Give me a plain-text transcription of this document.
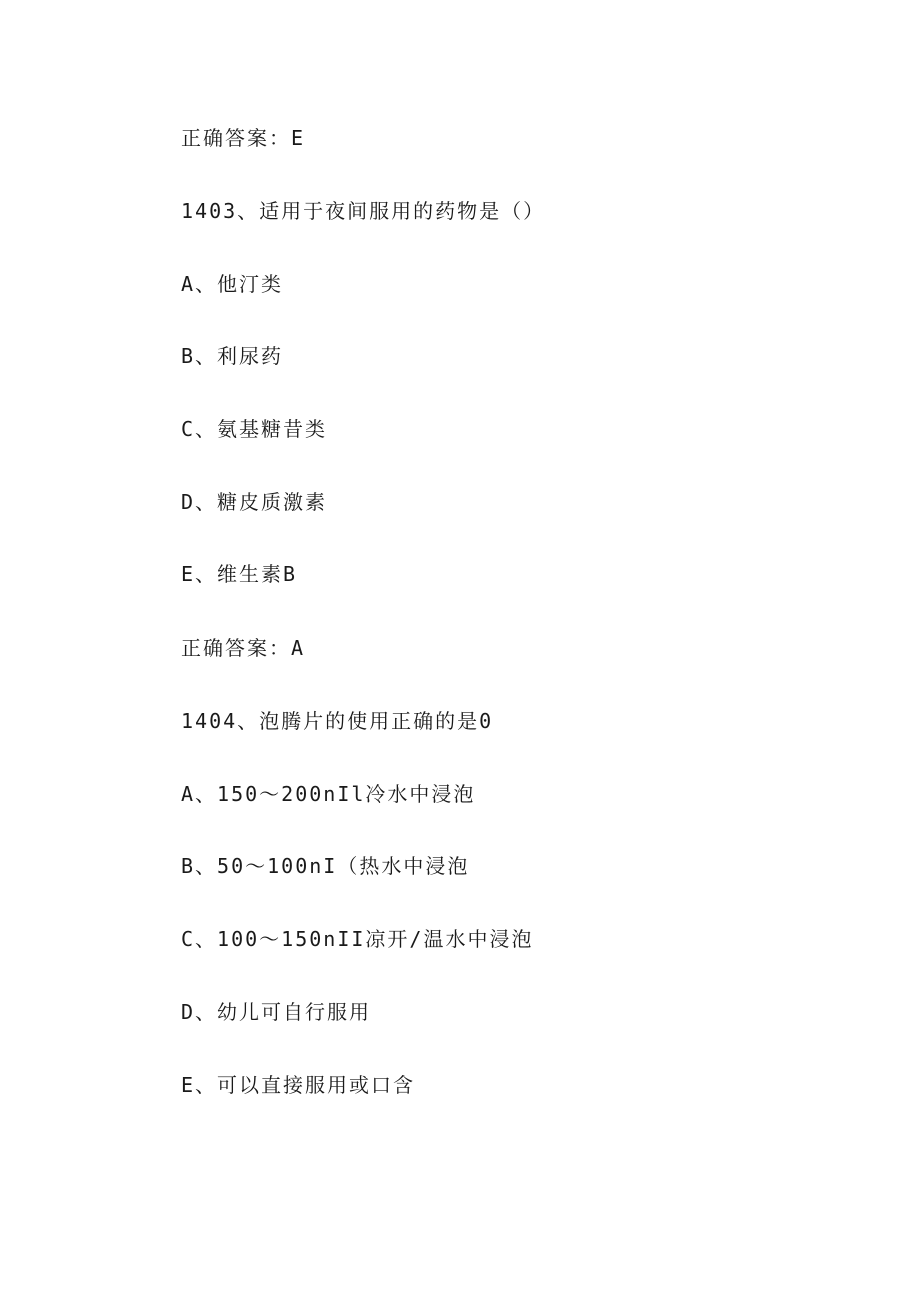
正确答案：E
1403、适用于夜间服用的药物是（）
A、他汀类
B、利尿药
C、氨基糖昔类
D、糖皮质激素
E、维生素B
正确答案：A
1404、泡腾片的使用正确的是0
A、150～200nIl冷水中浸泡
B、50～100nI（热水中浸泡
C、100～150nII凉开/温水中浸泡
D、幼儿可自行服用
E、可以直接服用或口含
